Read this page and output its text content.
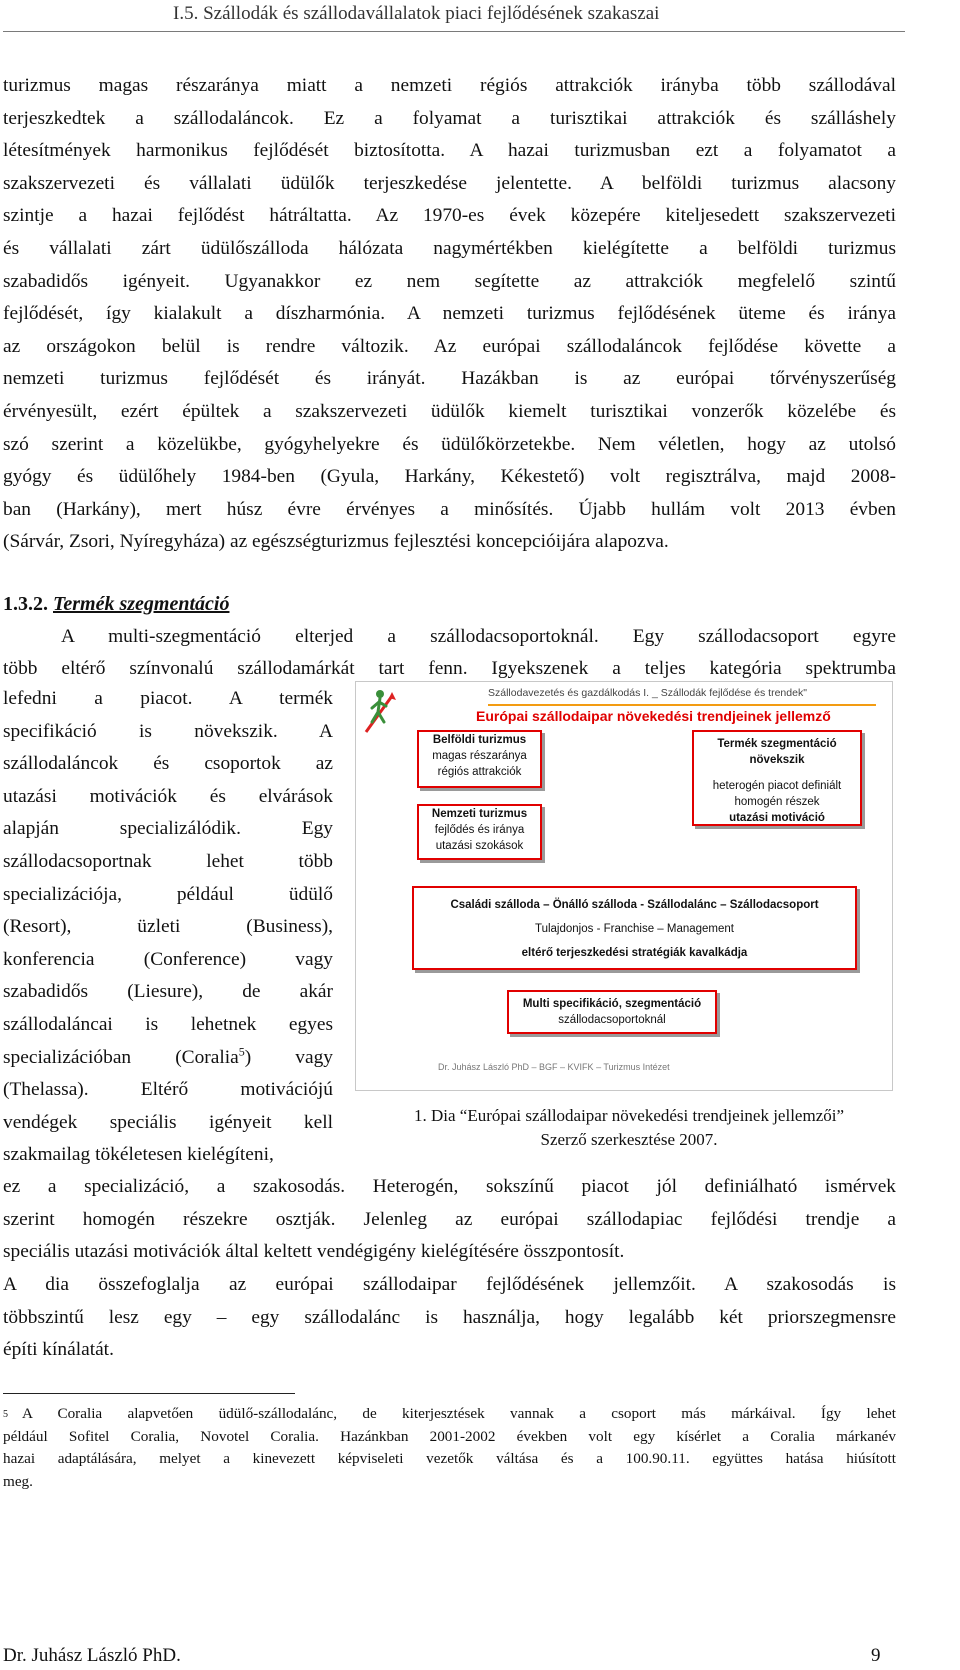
I.5. Szállodák és szállodavállalatok piaci fejlődésének szakaszai
turizmus magas részaránya miatt a nemzeti régiós attrakciók irányba több szállodával
terjeszkedtek a szállodaláncok. Ez a folyamat a turisztikai attrakciók és szálláshely
létesítmények harmonikus fejlődését biztosította. A hazai turizmusban ezt a folyamatot a
szakszervezeti és vállalati üdülők terjeszkedése jelentette. A belföldi turizmus alacsony
szintje a hazai fejlődést hátráltatta. Az 1970-es évek közepére kiteljesedett szakszervezeti
és vállalati zárt üdülőszálloda hálózata nagymértékben kielégítette a belföldi turizmus
szabadidős igényeit. Ugyanakkor ez nem segítette az attrakciók megfelelő szintű
fejlődését, így kialakult a díszharmónia. A nemzeti turizmus fejlődésének üteme és iránya
az országokon belül is rendre változik. Az európai szállodaláncok fejlődése követte a
nemzeti turizmus fejlődését és irányát. Hazákban is az európai tőrvényszerűség
érvényesült, ezért épültek a szakszervezeti üdülők kiemelt turisztikai vonzerők közelébe és
szó szerint a közelükbe, gyógyhelyekre és üdülőkörzetekbe. Nem véletlen, hogy az utolsó
gyógy és üdülőhely 1984-ben (Gyula, Harkány, Kékestető) volt regisztrálva, majd 2008-
ban (Harkány), mert húsz évre érvényes a minősítés. Újabb hullám volt 2013 évben
(Sárvár, Zsori, Nyíregyháza) az egészségturizmus fejlesztési koncepcióijára alapozva.
1.3.2. Termék szegmentáció
A multi-szegmentáció elterjed a szállodacsoportoknál. Egy szállodacsoport egyre
több eltérő színvonalú szállodamárkát tart fenn. Igyekszenek a teljes kategória spektrumba
lefedni a piacot. A termék
specifikáció is növekszik. A
szállodaláncok és csoportok az
utazási motivációk és elvárások
alapján specializálódik. Egy
szállodacsoportnak lehet több
specializációja, például üdülő
(Resort), üzleti (Business),
konferencia (Conference) vagy
szabadidős (Liesure), de akár
szállodaláncai is lehetnek egyes
specializációban (Coralia$^5$) vagy
(Thelassa). Eltérő motivációjú
vendégek speciális igényeit kell
szakmailag tökéletesen kielégíteni,
Szállodavezetés és gazdálkodás I. _ Szállodák fejlődése és trendek"
Európai szállodaipar növekedési trendjeinek jellemző
Belföldi turizmus
magas részaránya
régiós attrakciók
Nemzeti turizmus
fejlődés és iránya
utazási szokások
Termék szegmentáció
növekszik
heterogén piacot definiált
homogén részek
utazási motiváció
Családi szálloda – Önálló szálloda - Szállodalánc – Szállodacsoport
Tulajdonjos - Franchise – Management
eltérő terjeszkedési stratégiák kavalkádja
Multi specifikáció, szegmentáció
szállodacsoportoknál
Dr. Juhász László PhD – BGF – KVIFK – Turizmus Intézet
1. Dia “Európai szállodaipar növekedési trendjeinek jellemzői”
Szerző szerkesztése 2007.
ez a specializáció, a szakosodás. Heterogén, sokszínű piacot jól definiálható ismérvek
szerint homogén részekre osztják. Jelenleg az európai szállodapiac fejlődési trendje a
speciális utazási motivációk által keltett vendégigény kielégítésére összpontosít.
A dia összefoglalja az európai szállodaipar fejlődésének jellemzőit. A szakosodás is
többszintű lesz egy – egy szállodalánc is használja, hogy legalább két priorszegmensre
építi kínálatát.
$^5$ A Coralia alapvetően üdülő-szállodalánc, de kiterjesztések vannak a csoport más márkáival. Így lehet
például Sofitel Coralia, Novotel Coralia. Hazánkban 2001-2002 években volt egy kísérlet a Coralia márkanév
hazai adaptálására, melyet a kinevezett képviseleti vezetők váltása és a 100.90.11. együttes hatása hiúsított
meg.
Dr. Juhász László PhD.	9
